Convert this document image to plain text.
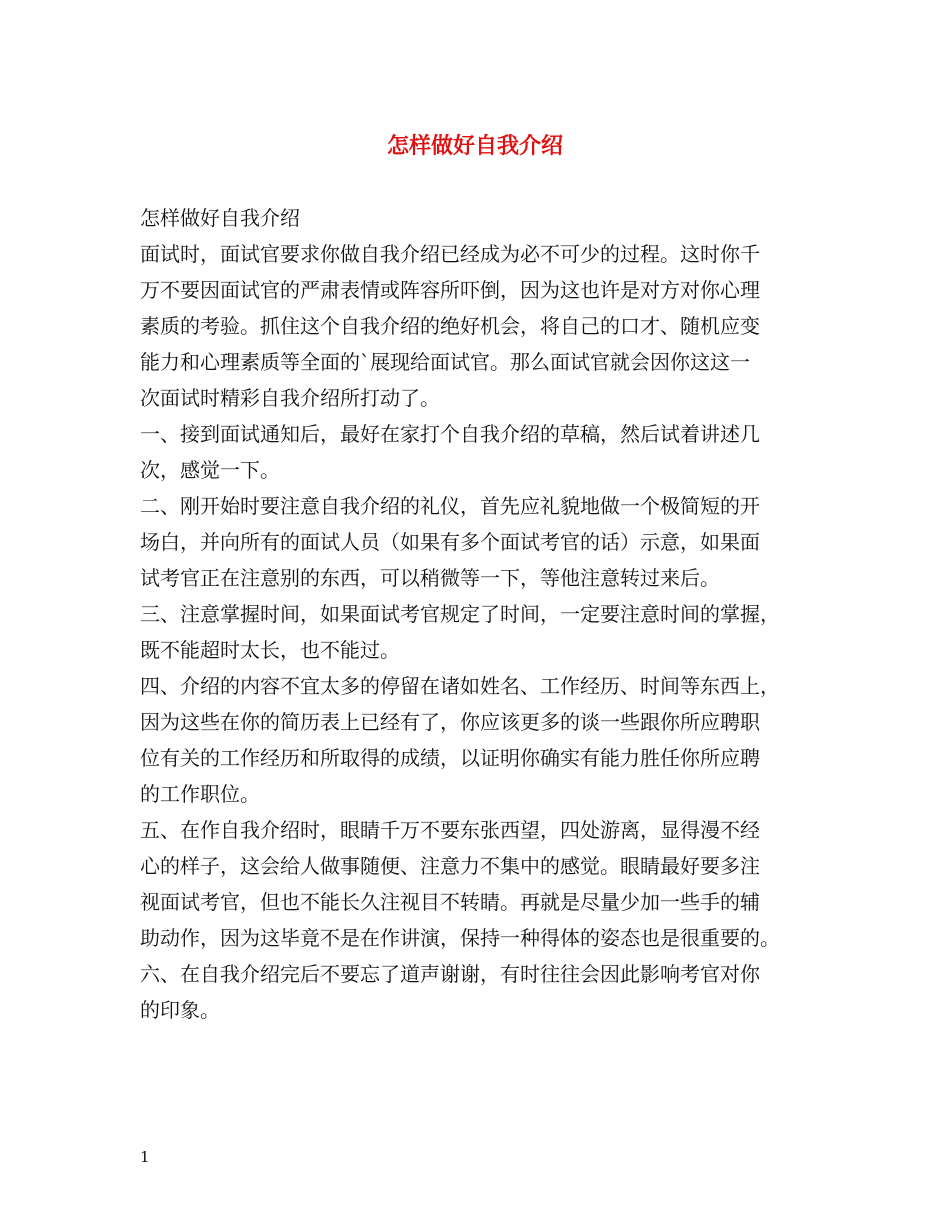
怎样做好自我介绍

怎样做好自我介绍

面试时，面试官要求你做自我介绍已经成为必不可少的过程。这时你千

万不要因面试官的严肃表情或阵容所吓倒，因为这也许是对方对你心理

素质的考验。抓住这个自我介绍的绝好机会，将自己的口才、随机应变

能力和心理素质等全面的`展现给面试官。那么面试官就会因你这这一

次面试时精彩自我介绍所打动了。

一、接到面试通知后，最好在家打个自我介绍的草稿，然后试着讲述几

次，感觉一下。

二、刚开始时要注意自我介绍的礼仪，首先应礼貌地做一个极简短的开

场白，并向所有的面试人员（如果有多个面试考官的话）示意，如果面

试考官正在注意别的东西，可以稍微等一下，等他注意转过来后。

三、注意掌握时间，如果面试考官规定了时间，一定要注意时间的掌握，

既不能超时太长，也不能过。

四、介绍的内容不宜太多的停留在诸如姓名、工作经历、时间等东西上，

因为这些在你的简历表上已经有了，你应该更多的谈一些跟你所应聘职

位有关的工作经历和所取得的成绩，以证明你确实有能力胜任你所应聘

的工作职位。

五、在作自我介绍时，眼睛千万不要东张西望，四处游离，显得漫不经

心的样子，这会给人做事随便、注意力不集中的感觉。眼睛最好要多注

视面试考官，但也不能长久注视目不转睛。再就是尽量少加一些手的辅

助动作，因为这毕竟不是在作讲演，保持一种得体的姿态也是很重要的。

六、在自我介绍完后不要忘了道声谢谢，有时往往会因此影响考官对你

的印象。

1
